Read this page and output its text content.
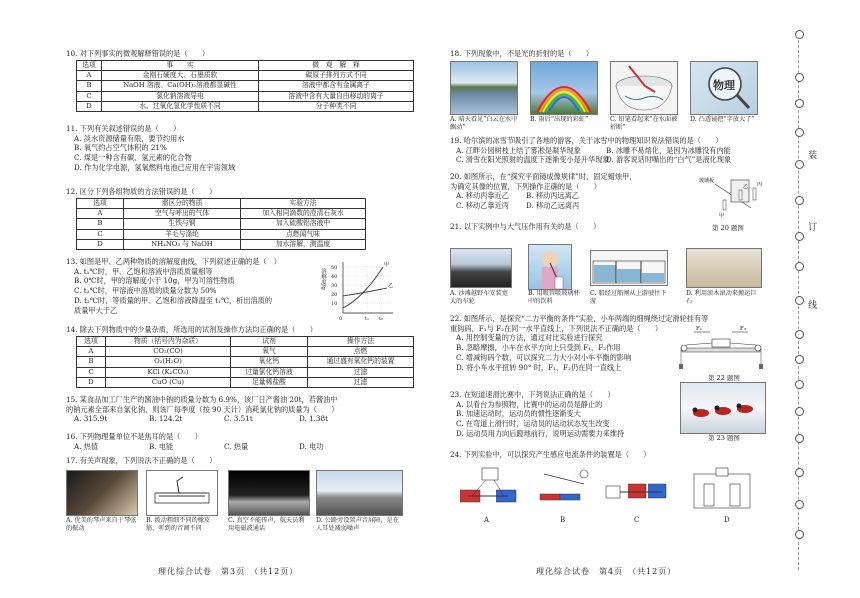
10. 对下列事实的微观解释错误的是（　　）
选项	事　　实	微　观　解　释
A	金刚石硬度大、石墨质软	碳原子排列方式不同
B	NaOH 溶液、Ca(OH)₂溶液都显碱性	溶液中都含有金属离子
C	氯化钠溶液导电	溶液中含有大量自由移动的离子
D	水、过氧化氢化学性质不同	分子种类不同
11. 下列有关叙述错误的是（　　）
A. 淡水资源储量有限，要节约用水
B. 氧气约占空气体积的 21%
C. 煤是一种含有碳、氢元素的化合物
D. 作为化学电源，氢氧燃料电池已应用在宇宙领域
12. 区分下列各组物质的方法错误的是（　　）
选项	需区分的物质	实验方法
A	空气与呼出的气体	加入相同滴数的澄清石灰水
B	生铁与铜	加入硫酸铝溶液中
C	羊毛与涤纶	点燃闻气味
D	NH₄NO₃ 与 NaOH	加水溶解，测温度
13. 如图是甲、乙两种物质的溶解度曲线，下列叙述正确的是（　）
A. t₁℃时，甲、乙饱和溶液中溶质质量相等
B. 0℃时，甲的溶解度小于 10g，甲为可溶性物质
C. t₂℃时，甲溶液中溶质的质量分数为 50%
D. t₂℃时，等质量的甲、乙饱和溶液降温至 t₁℃，析出溶质的
质量甲大于乙
溶解度/g 50
40
30
20
10
0	t₁ t₂
甲
乙
14. 除去下列物质中的少量杂质，所选用的试剂及操作方法均正确的是（　　）
选项	物质（括号内为杂质）	试剂	操作方法
A	CO₂(CO)	氧气	点燃
B	O₂(H₂O)	氧化钙	通过盛有氧化钙的装置
C	KCl (K₂CO₃)	过量氯化钙溶液	过滤
D	CuO (Cu)	足量稀盐酸	过滤
15. 某食品加工厂生产的酱油中钠的质量分数为 6.9%，该厂日产酱油 20t，若酱油中
的钠元素全部来自氯化钠，则该厂每季度（按 90 天计）消耗氯化钠的质量为（　　）
A. 315.9t	B. 124.2t	C. 3.51t	D. 1.38t
16. 下列物理量单位不是焦耳的是（　　）
A. 热值	B. 电能	C. 热量	D. 电功
17. 有关声现象，下列说法不正确的是（　　）
A. 优美的琴声来自于琴弦的振动
B. 拨动粗细不同的橡皮筋，听到的音调不同
C. 真空不能传声，航天员利用电磁波通话
D. 公路旁设置声音屏障，是在人耳处减弱噪声
理化综合试卷　第3页　（共12页）
18. 下列现象中，不是光的折射的是（　　）
物理
A. 晴天看见“白云在水中飘动”
B. 雨后“出现的彩虹”	C. 铅笔看起来“在水面被折断”
D. 凸透镜把“字放大了”
19. 哈尔滨的冰雪节吸引了各地的游客，关于冰雪中的物理知识说法错误的是（　　）
A. 江畔公园树枝上结了雾凇是凝华现象	B. 冰雕不易熔化，是因为冰雕没有内能
C. 滑雪在阳光照射的温度下逐渐变小是升华现象D. 游客说话时嘴出的“白气”是液化现象
20. 如图所示，在“探究平面镜成像规律”时，固定蜡烛甲，
为确定其像的位置，下列操作正确的是（　　）
A. 移动丙靠近乙 B. 移动丙远离乙
C. 移动乙靠近丙 D. 移动乙远离丙
玻璃板
乙 丙
甲
第 20 题图
21. 以下实例中与大气压作用有关的是（　　）
A. 沙滩越野车安装宽大的车轮
B. 用吸管吸玻璃杯中的饮料
C. 船经过船闸从上游驶往下游
D. 利用滚木滚动来搬运巨石
22. 如图所示，是探究“二力平衡的条件”实验，小车两端的细绳绕过定滑轮挂有等
重钩码，F₁与 F₂在同一水平直线上，下列说法不正确的是（　　）
A. 用控制变量的方法，通过对比实验进行探究
B. 忽略摩擦，小车在水平方向上只受到 F₁、F₂作用
C. 增减钩码个数，可以探究二力大小对小车平衡的影响
D. 将小车水平扭转 90° 时，F₁、F₂仍在同一直线上
F₁	F₂
第 22 题图
23. 在短道速滑比赛中，下列说法正确的是（　　）
A. 以看台为参照物，比赛中的运动员是静止的
B. 加速运动时，运动员的惯性逐渐变大
C. 在弯道上滑行时，运动员的运动状态发生改变
D. 运动员用力向后蹬地前行，说明运动需要力来维持
第 23 题图
24. 下列实验中，可以探究产生感应电流条件的装置是（　　）
A	B	C	D
理化综合试卷　第4页　（共12页）
装
订
线
